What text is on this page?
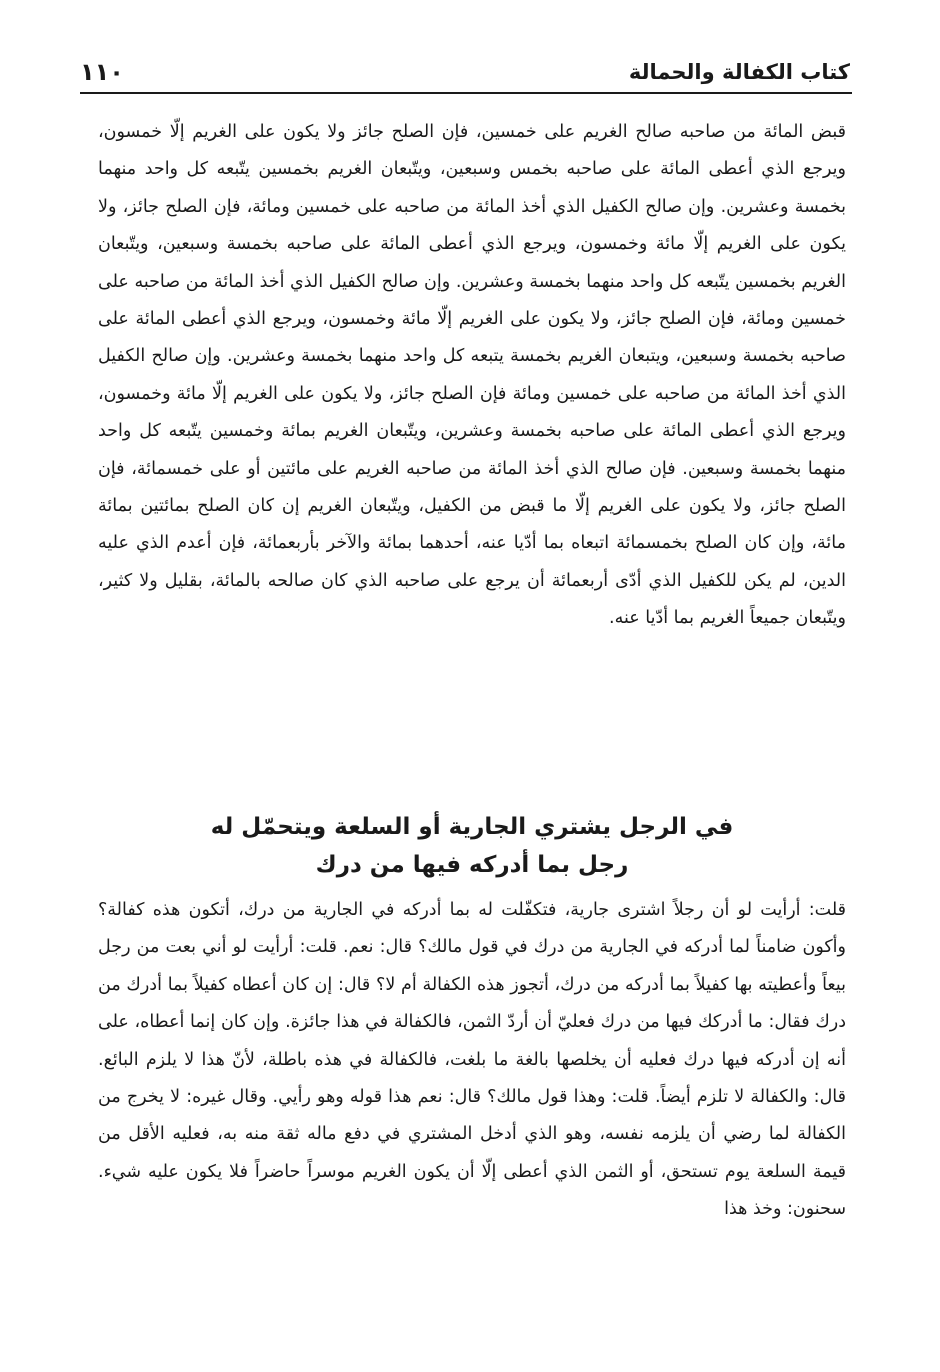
كتاب الكفالة والحمالة
١١٠

قبض المائة من صاحبه صالح الغريم على خمسين، فإن الصلح جائز ولا يكون على الغريم إلّا خمسون، ويرجع الذي أعطى المائة على صاحبه بخمس وسبعين، ويتّبعان الغريم بخمسين يتّبعه كل واحد منهما بخمسة وعشرين. وإن صالح الكفيل الذي أخذ المائة من صاحبه على خمسين ومائة، فإن الصلح جائز، ولا يكون على الغريم إلّا مائة وخمسون، ويرجع الذي أعطى المائة على صاحبه بخمسة وسبعين، ويتّبعان الغريم بخمسين يتّبعه كل واحد منهما بخمسة وعشرين. وإن صالح الكفيل الذي أخذ المائة من صاحبه على خمسين ومائة، فإن الصلح جائز، ولا يكون على الغريم إلّا مائة وخمسون، ويرجع الذي أعطى المائة على صاحبه بخمسة وسبعين، ويتبعان الغريم بخمسة يتبعه كل واحد منهما بخمسة وعشرين. وإن صالح الكفيل الذي أخذ المائة من صاحبه على خمسين ومائة فإن الصلح جائز، ولا يكون على الغريم إلّا مائة وخمسون، ويرجع الذي أعطى المائة على صاحبه بخمسة وعشرين، ويتّبعان الغريم بمائة وخمسين يتّبعه كل واحد منهما بخمسة وسبعين. فإن صالح الذي أخذ المائة من صاحبه الغريم على مائتين أو على خمسمائة، فإن الصلح جائز، ولا يكون على الغريم إلّا ما قبض من الكفيل، ويتّبعان الغريم إن كان الصلح بمائتين بمائة مائة، وإن كان الصلح بخمسمائة اتبعاه بما أدّيا عنه، أحدهما بمائة والآخر بأربعمائة، فإن أعدم الذي عليه الدين، لم يكن للكفيل الذي أدّى أربعمائة أن يرجع على صاحبه الذي كان صالحه بالمائة، بقليل ولا كثير، ويتّبعان جميعاً الغريم بما أدّيا عنه.

في الرجل يشتري الجارية أو السلعة ويتحمّل له
رجل بما أدركه فيها من درك

قلت: أرأيت لو أن رجلاً اشترى جارية، فتكفّلت له بما أدركه في الجارية من درك، أتكون هذه كفالة؟ وأكون ضامناً لما أدركه في الجارية من درك في قول مالك؟ قال: نعم. قلت: أرأيت لو أني بعت من رجل بيعاً وأعطيته بها كفيلاً بما أدركه من درك، أتجوز هذه الكفالة أم لا؟ قال: إن كان أعطاه كفيلاً بما أدرك من درك فقال: ما أدركك فيها من درك فعليّ أن أردّ الثمن، فالكفالة في هذا جائزة. وإن كان إنما أعطاه، على أنه إن أدركه فيها درك فعليه أن يخلصها بالغة ما بلغت، فالكفالة في هذه باطلة، لأنّ هذا لا يلزم البائع. قال: والكفالة لا تلزم أيضاً. قلت: وهذا قول مالك؟ قال: نعم هذا قوله وهو رأيي. وقال غيره: لا يخرج من الكفالة لما رضي أن يلزمه نفسه، وهو الذي أدخل المشتري في دفع ماله ثقة منه به، فعليه الأقل من قيمة السلعة يوم تستحق، أو الثمن الذي أعطى إلّا أن يكون الغريم موسراً حاضراً فلا يكون عليه شيء. سحنون: وخذ هذا
